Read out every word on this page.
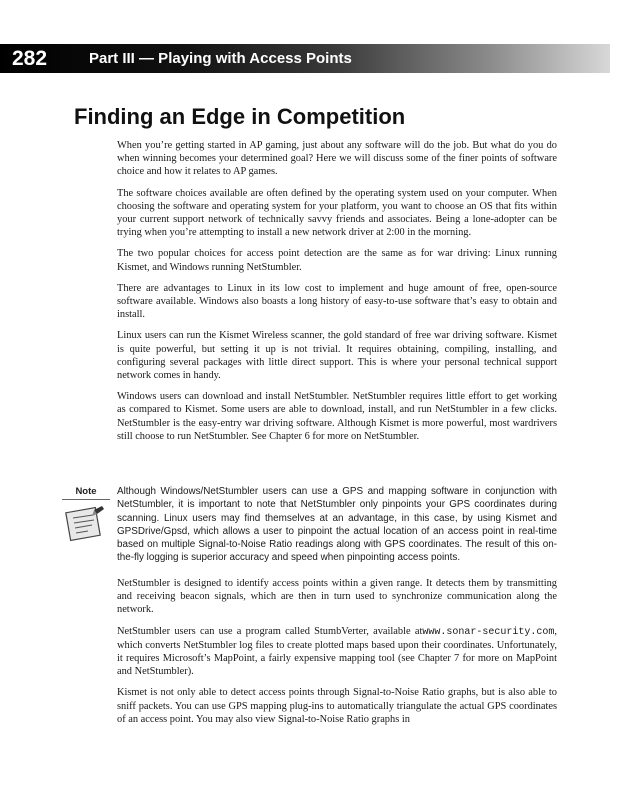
282	Part III — Playing with Access Points
Finding an Edge in Competition

When you’re getting started in AP gaming, just about any software will do the job. But what do you do when winning becomes your determined goal? Here we will discuss some of the finer points of software choice and how it relates to AP games.

The software choices available are often defined by the operating system used on your computer. When choosing the software and operating system for your platform, you want to choose an OS that fits within your current support network of technically savvy friends and associates. Being a lone-adopter can be trying when you’re attempting to install a new network driver at 2:00 in the morning.

The two popular choices for access point detection are the same as for war driving: Linux running Kismet, and Windows running NetStumbler.

There are advantages to Linux in its low cost to implement and huge amount of free, open-source software available. Windows also boasts a long history of easy-to-use software that’s easy to obtain and install.

Linux users can run the Kismet Wireless scanner, the gold standard of free war driving software. Kismet is quite powerful, but setting it up is not trivial. It requires obtaining, compiling, installing, and configuring several packages with little direct support. This is where your personal technical support network comes in handy.

Windows users can download and install NetStumbler. NetStumbler requires little effort to get working as compared to Kismet. Some users are able to download, install, and run NetStumbler in a few clicks. NetStumbler is the easy-entry war driving software. Although Kismet is more powerful, most wardrivers still choose to run NetStumbler. See Chapter 6 for more on NetStumbler.

Note	Although Windows/NetStumbler users can use a GPS and mapping software in conjunction with NetStumbler, it is important to note that NetStumbler only pinpoints your GPS coordinates during scanning. Linux users may find themselves at an advantage, in this case, by using Kismet and GPSDrive/Gpsd, which allows a user to pinpoint the actual location of an access point in real-time based on multiple Signal-to-Noise Ratio readings along with GPS coordinates. The result of this on-the-fly logging is superior accuracy and speed when pinpointing access points.

NetStumbler is designed to identify access points within a given range. It detects them by transmitting and receiving beacon signals, which are then in turn used to synchronize communication along the network.

NetStumbler users can use a program called StumbVerter, available atwww.sonar-security.com, which converts NetStumbler log files to create plotted maps based upon their coordinates. Unfortunately, it requires Microsoft’s MapPoint, a fairly expensive mapping tool (see Chapter 7 for more on MapPoint and NetStumbler).

Kismet is not only able to detect access points through Signal-to-Noise Ratio graphs, but is also able to sniff packets. You can use GPS mapping plug-ins to automatically triangulate the actual GPS coordinates of an access point. You may also view Signal-to-Noise Ratio graphs in
